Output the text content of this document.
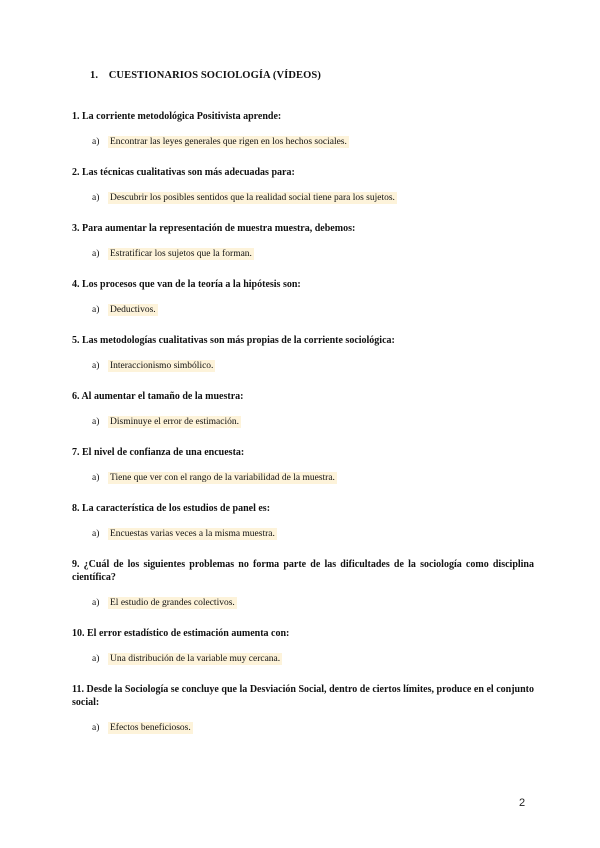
1. CUESTIONARIOS SOCIOLOGÍA (VÍDEOS)

1. La corriente metodológica Positivista aprende:

a) Encontrar las leyes generales que rigen en los hechos sociales.

2. Las técnicas cualitativas son más adecuadas para:

a) Descubrir los posibles sentidos que la realidad social tiene para los sujetos.

3. Para aumentar la representación de muestra muestra, debemos:

a) Estratificar los sujetos que la forman.

4. Los procesos que van de la teoría a la hipótesis son:

a) Deductivos.

5. Las metodologías cualitativas son más propias de la corriente sociológica:

a) Interaccionismo simbólico.

6. Al aumentar el tamaño de la muestra:

a) Disminuye el error de estimación.

7. El nivel de confianza de una encuesta:

a) Tiene que ver con el rango de la variabilidad de la muestra.

8. La característica de los estudios de panel es:

a) Encuestas varias veces a la misma muestra.

9. ¿Cuál de los siguientes problemas no forma parte de las dificultades de la sociología como disciplina científica?

a) El estudio de grandes colectivos.

10. El error estadístico de estimación aumenta con:

a) Una distribución de la variable muy cercana.

11. Desde la Sociología se concluye que la Desviación Social, dentro de ciertos límites, produce en el conjunto social:

a) Efectos beneficiosos.
2
